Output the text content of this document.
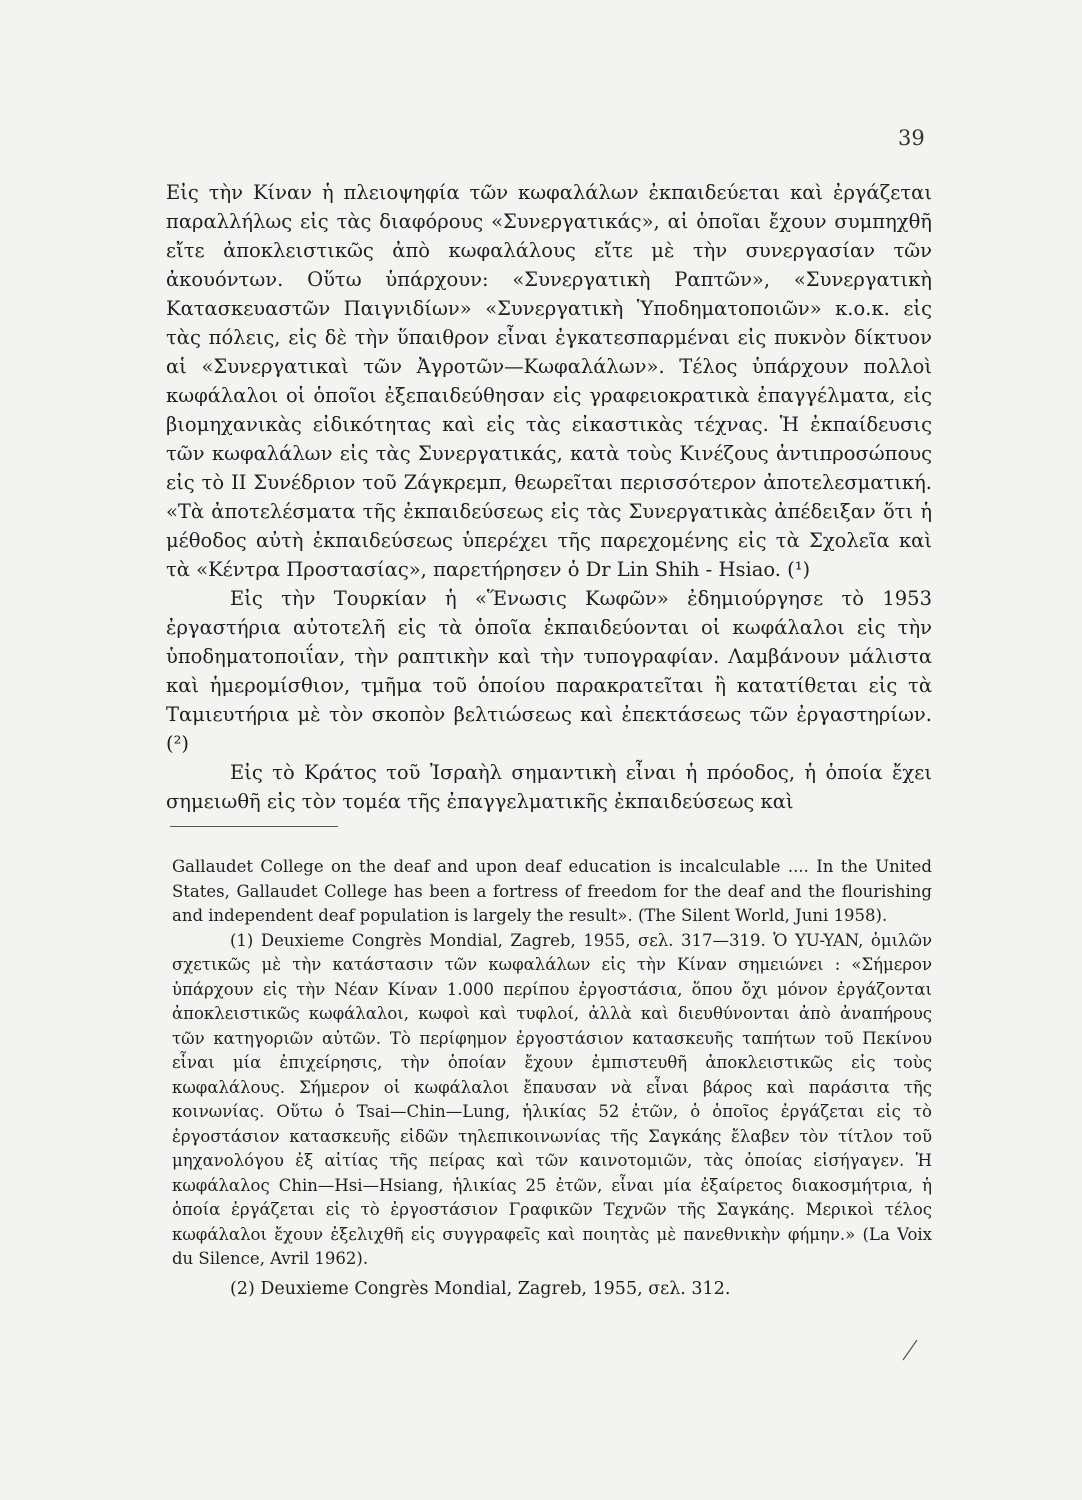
39

Εἰς τὴν Κίναν ἡ πλειοψηφία τῶν κωφαλάλων ἐκπαιδεύεται καὶ ἐργάζεται παραλλήλως εἰς τὰς διαφόρους «Συνεργατικάς», αἱ ὁποῖαι ἔχουν συμπηχθῆ εἴτε ἀποκλειστικῶς ἀπὸ κωφαλάλους εἴτε μὲ τὴν συνεργασίαν τῶν ἀκουόντων. Οὕτω ὑπάρχουν: «Συνεργατικὴ Ραπτῶν», «Συνεργατικὴ Κατασκευαστῶν Παιγνιδίων» «Συνεργατικὴ Ὑποδηματοποιῶν» κ.ο.κ. εἰς τὰς πόλεις, εἰς δὲ τὴν ὕπαιθρον εἶναι ἐγκατεσπαρμέναι εἰς πυκνὸν δίκτυον αἱ «Συνεργατικαὶ τῶν Ἀγροτῶν—Κωφαλάλων». Τέλος ὑπάρχουν πολλοὶ κωφάλαλοι οἱ ὁποῖοι ἐξεπαιδεύθησαν εἰς γραφειοκρατικὰ ἐπαγγέλματα, εἰς βιομηχανικὰς εἰδικότητας καὶ εἰς τὰς εἰκαστικὰς τέχνας. Ἡ ἐκπαίδευσις τῶν κωφαλάλων εἰς τὰς Συνεργατικάς, κατὰ τοὺς Κινέζους ἀντιπροσώπους εἰς τὸ ΙΙ Συνέδριον τοῦ Ζάγκρεμπ, θεωρεῖται περισσότερον ἀποτελεσματική. «Τὰ ἀποτελέσματα τῆς ἐκπαιδεύσεως εἰς τὰς Συνεργατικὰς ἀπέδειξαν ὅτι ἡ μέθοδος αὐτὴ ἐκπαιδεύσεως ὑπερέχει τῆς παρεχομένης εἰς τὰ Σχολεῖα καὶ τὰ «Κέντρα Προστασίας», παρετήρησεν ὁ Dr Lin Shih - Hsiao. (¹)

Εἰς τὴν Τουρκίαν ἡ «Ἕνωσις Κωφῶν» ἐδημιούργησε τὸ 1953 ἐργαστήρια αὐτοτελῆ εἰς τὰ ὁποῖα ἐκπαιδεύονται οἱ κωφάλαλοι εἰς τὴν ὑποδηματοποιΐαν, τὴν ραπτικὴν καὶ τὴν τυπογραφίαν. Λαμβάνουν μάλιστα καὶ ἡμερομίσθιον, τμῆμα τοῦ ὁποίου παρακρατεῖται ἢ κατατίθεται εἰς τὰ Ταμιευτήρια μὲ τὸν σκοπὸν βελτιώσεως καὶ ἐπεκτάσεως τῶν ἐργαστηρίων. (²)

Εἰς τὸ Κράτος τοῦ Ἰσραὴλ σημαντικὴ εἶναι ἡ πρόοδος, ἡ ὁποία ἔχει σημειωθῆ εἰς τὸν τομέα τῆς ἐπαγγελματικῆς ἐκπαιδεύσεως καὶ

Gallaudet College on the deaf and upon deaf education is incalculable .... In the United States, Gallaudet College has been a fortress of freedom for the deaf and the flourishing and independent deaf population is largely the result». (The Silent World, Juni 1958).

(1) Deuxieme Congrès Mondial, Zagreb, 1955, σελ. 317—319. Ὁ YU-YAN, ὁμιλῶν σχετικῶς μὲ τὴν κατάστασιν τῶν κωφαλάλων εἰς τὴν Κίναν σημειώνει : «Σήμερον ὑπάρχουν εἰς τὴν Νέαν Κίναν 1.000 περίπου ἐργοστάσια, ὅπου ὄχι μόνον ἐργάζονται ἀποκλειστικῶς κωφάλαλοι, κωφοὶ καὶ τυφλοί, ἀλλὰ καὶ διευθύνονται ἀπὸ ἀναπήρους τῶν κατηγοριῶν αὐτῶν. Τὸ περίφημον ἐργοστάσιον κατασκευῆς ταπήτων τοῦ Πεκίνου εἶναι μία ἐπιχείρησις, τὴν ὁποίαν ἔχουν ἐμπιστευθῆ ἀποκλειστικῶς εἰς τοὺς κωφαλάλους. Σήμερον οἱ κωφάλαλοι ἔπαυσαν νὰ εἶναι βάρος καὶ παράσιτα τῆς κοινωνίας. Οὕτω ὁ Tsai—Chin—Lung, ἡλικίας 52 ἐτῶν, ὁ ὁποῖος ἐργάζεται εἰς τὸ ἐργοστάσιον κατασκευῆς εἰδῶν τηλεπικοινωνίας τῆς Σαγκάης ἔλαβεν τὸν τίτλον τοῦ μηχανολόγου ἐξ αἰτίας τῆς πείρας καὶ τῶν καινοτομιῶν, τὰς ὁποίας εἰσήγαγεν. Ἡ κωφάλαλος Chin—Hsi—Hsiang, ἡλικίας 25 ἐτῶν, εἶναι μία ἐξαίρετος διακοσμήτρια, ἡ ὁποία ἐργάζεται εἰς τὸ ἐργοστάσιον Γραφικῶν Τεχνῶν τῆς Σαγκάης. Μερικοὶ τέλος κωφάλαλοι ἔχουν ἐξελιχθῆ εἰς συγγραφεῖς καὶ ποιητὰς μὲ πανεθνικὴν φήμην.» (La Voix du Silence, Avril 1962).

(2) Deuxieme Congrès Mondial, Zagreb, 1955, σελ. 312.
